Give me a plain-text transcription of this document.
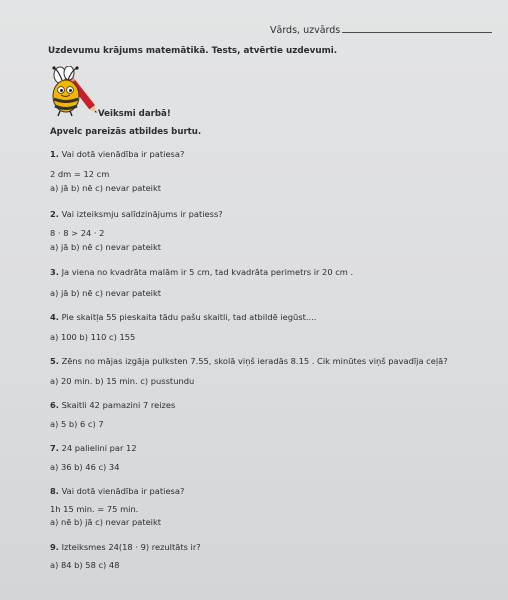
Vārds, uzvārds
Uzdevumu krājums matemātikā. Tests, atvērtie uzdevumi.
Veiksmi darbā!
Apvelc pareizās atbildes burtu.
1. Vai dotā vienādība ir patiesa?
2 dm = 12 cm
a) jā b) nē c) nevar pateikt
2. Vai izteiksmju salīdzinājums ir patiess?
8 · 8 > 24 · 2
a) jā b) nē c) nevar pateikt
3. Ja viena no kvadrāta malām ir 5 cm, tad kvadrāta perimetrs ir 20 cm .
a) jā b) nē c) nevar pateikt
4. Pie skaitļa 55 pieskaita tādu pašu skaitli, tad atbildē iegūst....
a) 100 b) 110 c) 155
5. Zēns no mājas izgāja pulksten 7.55, skolā viņš ieradās 8.15 . Cik minūtes viņš pavadīja ceļā?
a) 20 min. b) 15 min. c) pusstundu
6. Skaitli 42 pamazini 7 reizes
a) 5 b) 6 c) 7
7. 24 palielini par 12
a) 36 b) 46 c) 34
8. Vai dotā vienādība ir patiesa?
1h 15 min. = 75 min.
a) nē b) jā c) nevar pateikt
9. Izteiksmes 24(18 · 9) rezultāts ir?
a) 84 b) 58 c) 48
